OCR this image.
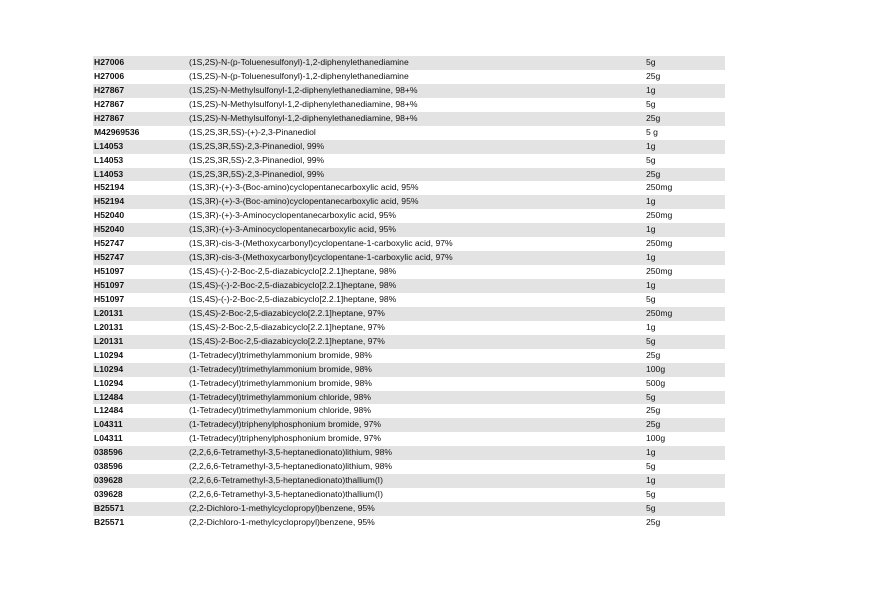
H27006	(1S,2S)-N-(p-Toluenesulfonyl)-1,2-diphenylethanediamine	5g
H27006	(1S,2S)-N-(p-Toluenesulfonyl)-1,2-diphenylethanediamine	25g
H27867	(1S,2S)-N-Methylsulfonyl-1,2-diphenylethanediamine, 98+%	1g
H27867	(1S,2S)-N-Methylsulfonyl-1,2-diphenylethanediamine, 98+%	5g
H27867	(1S,2S)-N-Methylsulfonyl-1,2-diphenylethanediamine, 98+%	25g
M42969536	(1S,2S,3R,5S)-(+)-2,3-Pinanediol	5 g
L14053	(1S,2S,3R,5S)-2,3-Pinanediol, 99%	1g
L14053	(1S,2S,3R,5S)-2,3-Pinanediol, 99%	5g
L14053	(1S,2S,3R,5S)-2,3-Pinanediol, 99%	25g
H52194	(1S,3R)-(+)-3-(Boc-amino)cyclopentanecarboxylic acid, 95%	250mg
H52194	(1S,3R)-(+)-3-(Boc-amino)cyclopentanecarboxylic acid, 95%	1g
H52040	(1S,3R)-(+)-3-Aminocyclopentanecarboxylic acid, 95%	250mg
H52040	(1S,3R)-(+)-3-Aminocyclopentanecarboxylic acid, 95%	1g
H52747	(1S,3R)-cis-3-(Methoxycarbonyl)cyclopentane-1-carboxylic acid, 97%	250mg
H52747	(1S,3R)-cis-3-(Methoxycarbonyl)cyclopentane-1-carboxylic acid, 97%	1g
H51097	(1S,4S)-(-)-2-Boc-2,5-diazabicyclo[2.2.1]heptane, 98%	250mg
H51097	(1S,4S)-(-)-2-Boc-2,5-diazabicyclo[2.2.1]heptane, 98%	1g
H51097	(1S,4S)-(-)-2-Boc-2,5-diazabicyclo[2.2.1]heptane, 98%	5g
L20131	(1S,4S)-2-Boc-2,5-diazabicyclo[2.2.1]heptane, 97%	250mg
L20131	(1S,4S)-2-Boc-2,5-diazabicyclo[2.2.1]heptane, 97%	1g
L20131	(1S,4S)-2-Boc-2,5-diazabicyclo[2.2.1]heptane, 97%	5g
L10294	(1-Tetradecyl)trimethylammonium bromide, 98%	25g
L10294	(1-Tetradecyl)trimethylammonium bromide, 98%	100g
L10294	(1-Tetradecyl)trimethylammonium bromide, 98%	500g
L12484	(1-Tetradecyl)trimethylammonium chloride, 98%	5g
L12484	(1-Tetradecyl)trimethylammonium chloride, 98%	25g
L04311	(1-Tetradecyl)triphenylphosphonium bromide, 97%	25g
L04311	(1-Tetradecyl)triphenylphosphonium bromide, 97%	100g
038596	(2,2,6,6-Tetramethyl-3,5-heptanedionato)lithium, 98%	1g
038596	(2,2,6,6-Tetramethyl-3,5-heptanedionato)lithium, 98%	5g
039628	(2,2,6,6-Tetramethyl-3,5-heptanedionato)thallium(I)	1g
039628	(2,2,6,6-Tetramethyl-3,5-heptanedionato)thallium(I)	5g
B25571	(2,2-Dichloro-1-methylcyclopropyl)benzene, 95%	5g
B25571	(2,2-Dichloro-1-methylcyclopropyl)benzene, 95%	25g
